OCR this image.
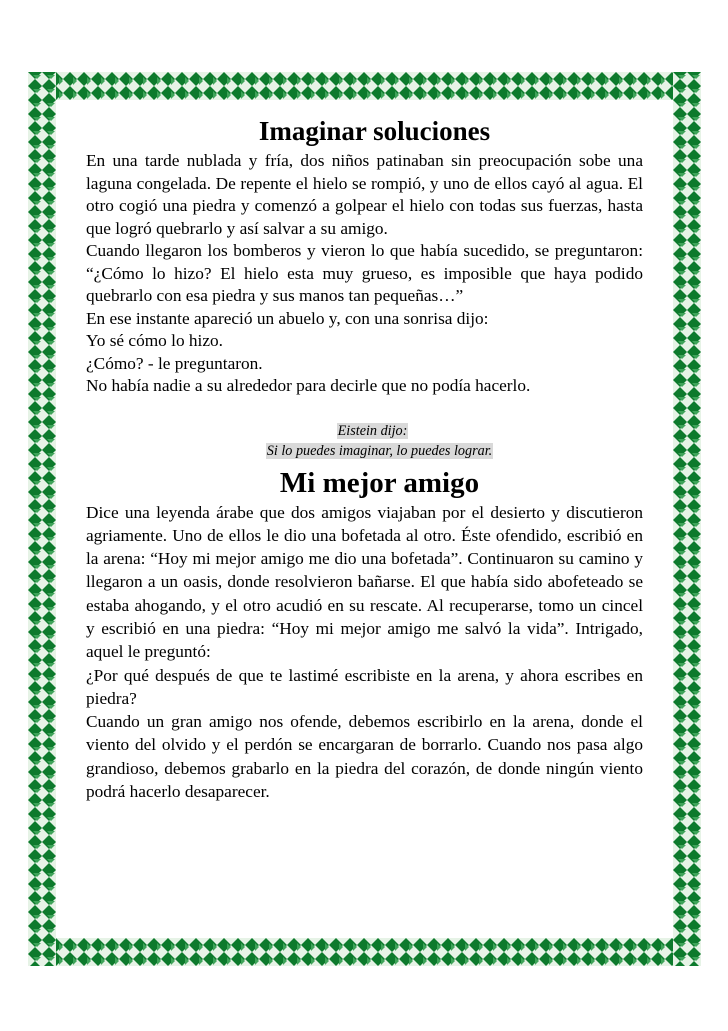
Imaginar soluciones

En una tarde nublada y fría, dos niños patinaban sin preocupación sobe una laguna congelada. De repente el hielo se rompió, y uno de ellos cayó al agua. El otro cogió una piedra y comenzó a golpear el hielo con todas sus fuerzas, hasta que logró quebrarlo y así salvar a su amigo.

Cuando llegaron los bomberos y vieron lo que había sucedido, se preguntaron: “¿Cómo lo hizo? El hielo esta muy grueso, es imposible que haya podido quebrarlo con esa piedra y sus manos tan pequeñas…”

En ese instante apareció un abuelo y, con una sonrisa dijo:

Yo sé cómo lo hizo.

¿Cómo? - le preguntaron.

No había nadie a su alrededor para decirle que no podía hacerlo.

Eistein dijo:
Si lo puedes imaginar, lo puedes lograr.
Mi mejor amigo

Dice una leyenda árabe que dos amigos viajaban por el desierto y discutieron agriamente. Uno de ellos le dio una bofetada al otro. Éste ofendido, escribió en la arena: “Hoy mi mejor amigo me dio una bofetada”. Continuaron su camino y llegaron a un oasis, donde resolvieron bañarse. El que había sido abofeteado se estaba ahogando, y el otro acudió en su rescate. Al recuperarse, tomo un cincel y escribió en una piedra: “Hoy mi mejor amigo me salvó la vida”. Intrigado, aquel le preguntó:

¿Por qué después de que te lastimé escribiste en la arena, y ahora escribes en piedra?

Cuando un gran amigo nos ofende, debemos escribirlo en la arena, donde el viento del olvido y el perdón se encargaran de borrarlo. Cuando nos pasa algo grandioso, debemos grabarlo en la piedra del corazón, de donde ningún viento podrá hacerlo desaparecer.
